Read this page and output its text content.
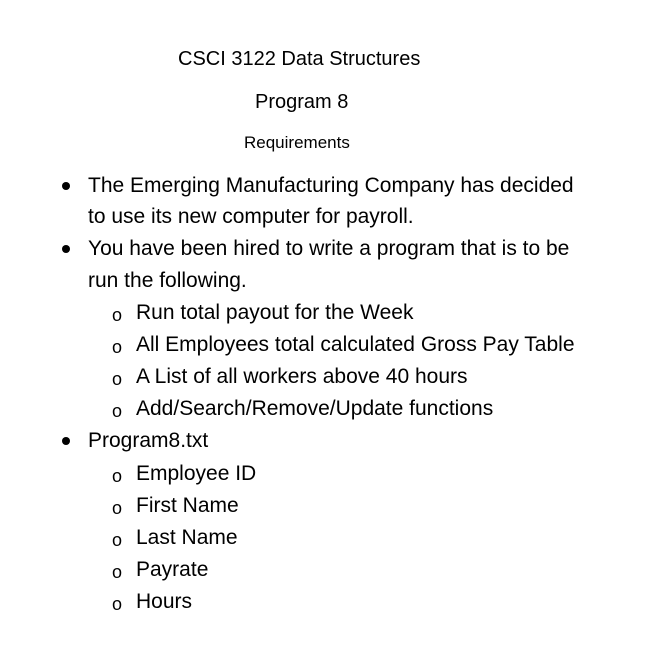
CSCI 3122 Data Structures
Program 8
Requirements
The Emerging Manufacturing Company has decided
to use its new computer for payroll.
You have been hired to write a program that is to be
run the following.
o Run total payout for the Week
o All Employees total calculated Gross Pay Table
o A List of all workers above 40 hours
o Add/Search/Remove/Update functions
Program8.txt
o Employee ID
o First Name
o Last Name
o Payrate
o Hours
